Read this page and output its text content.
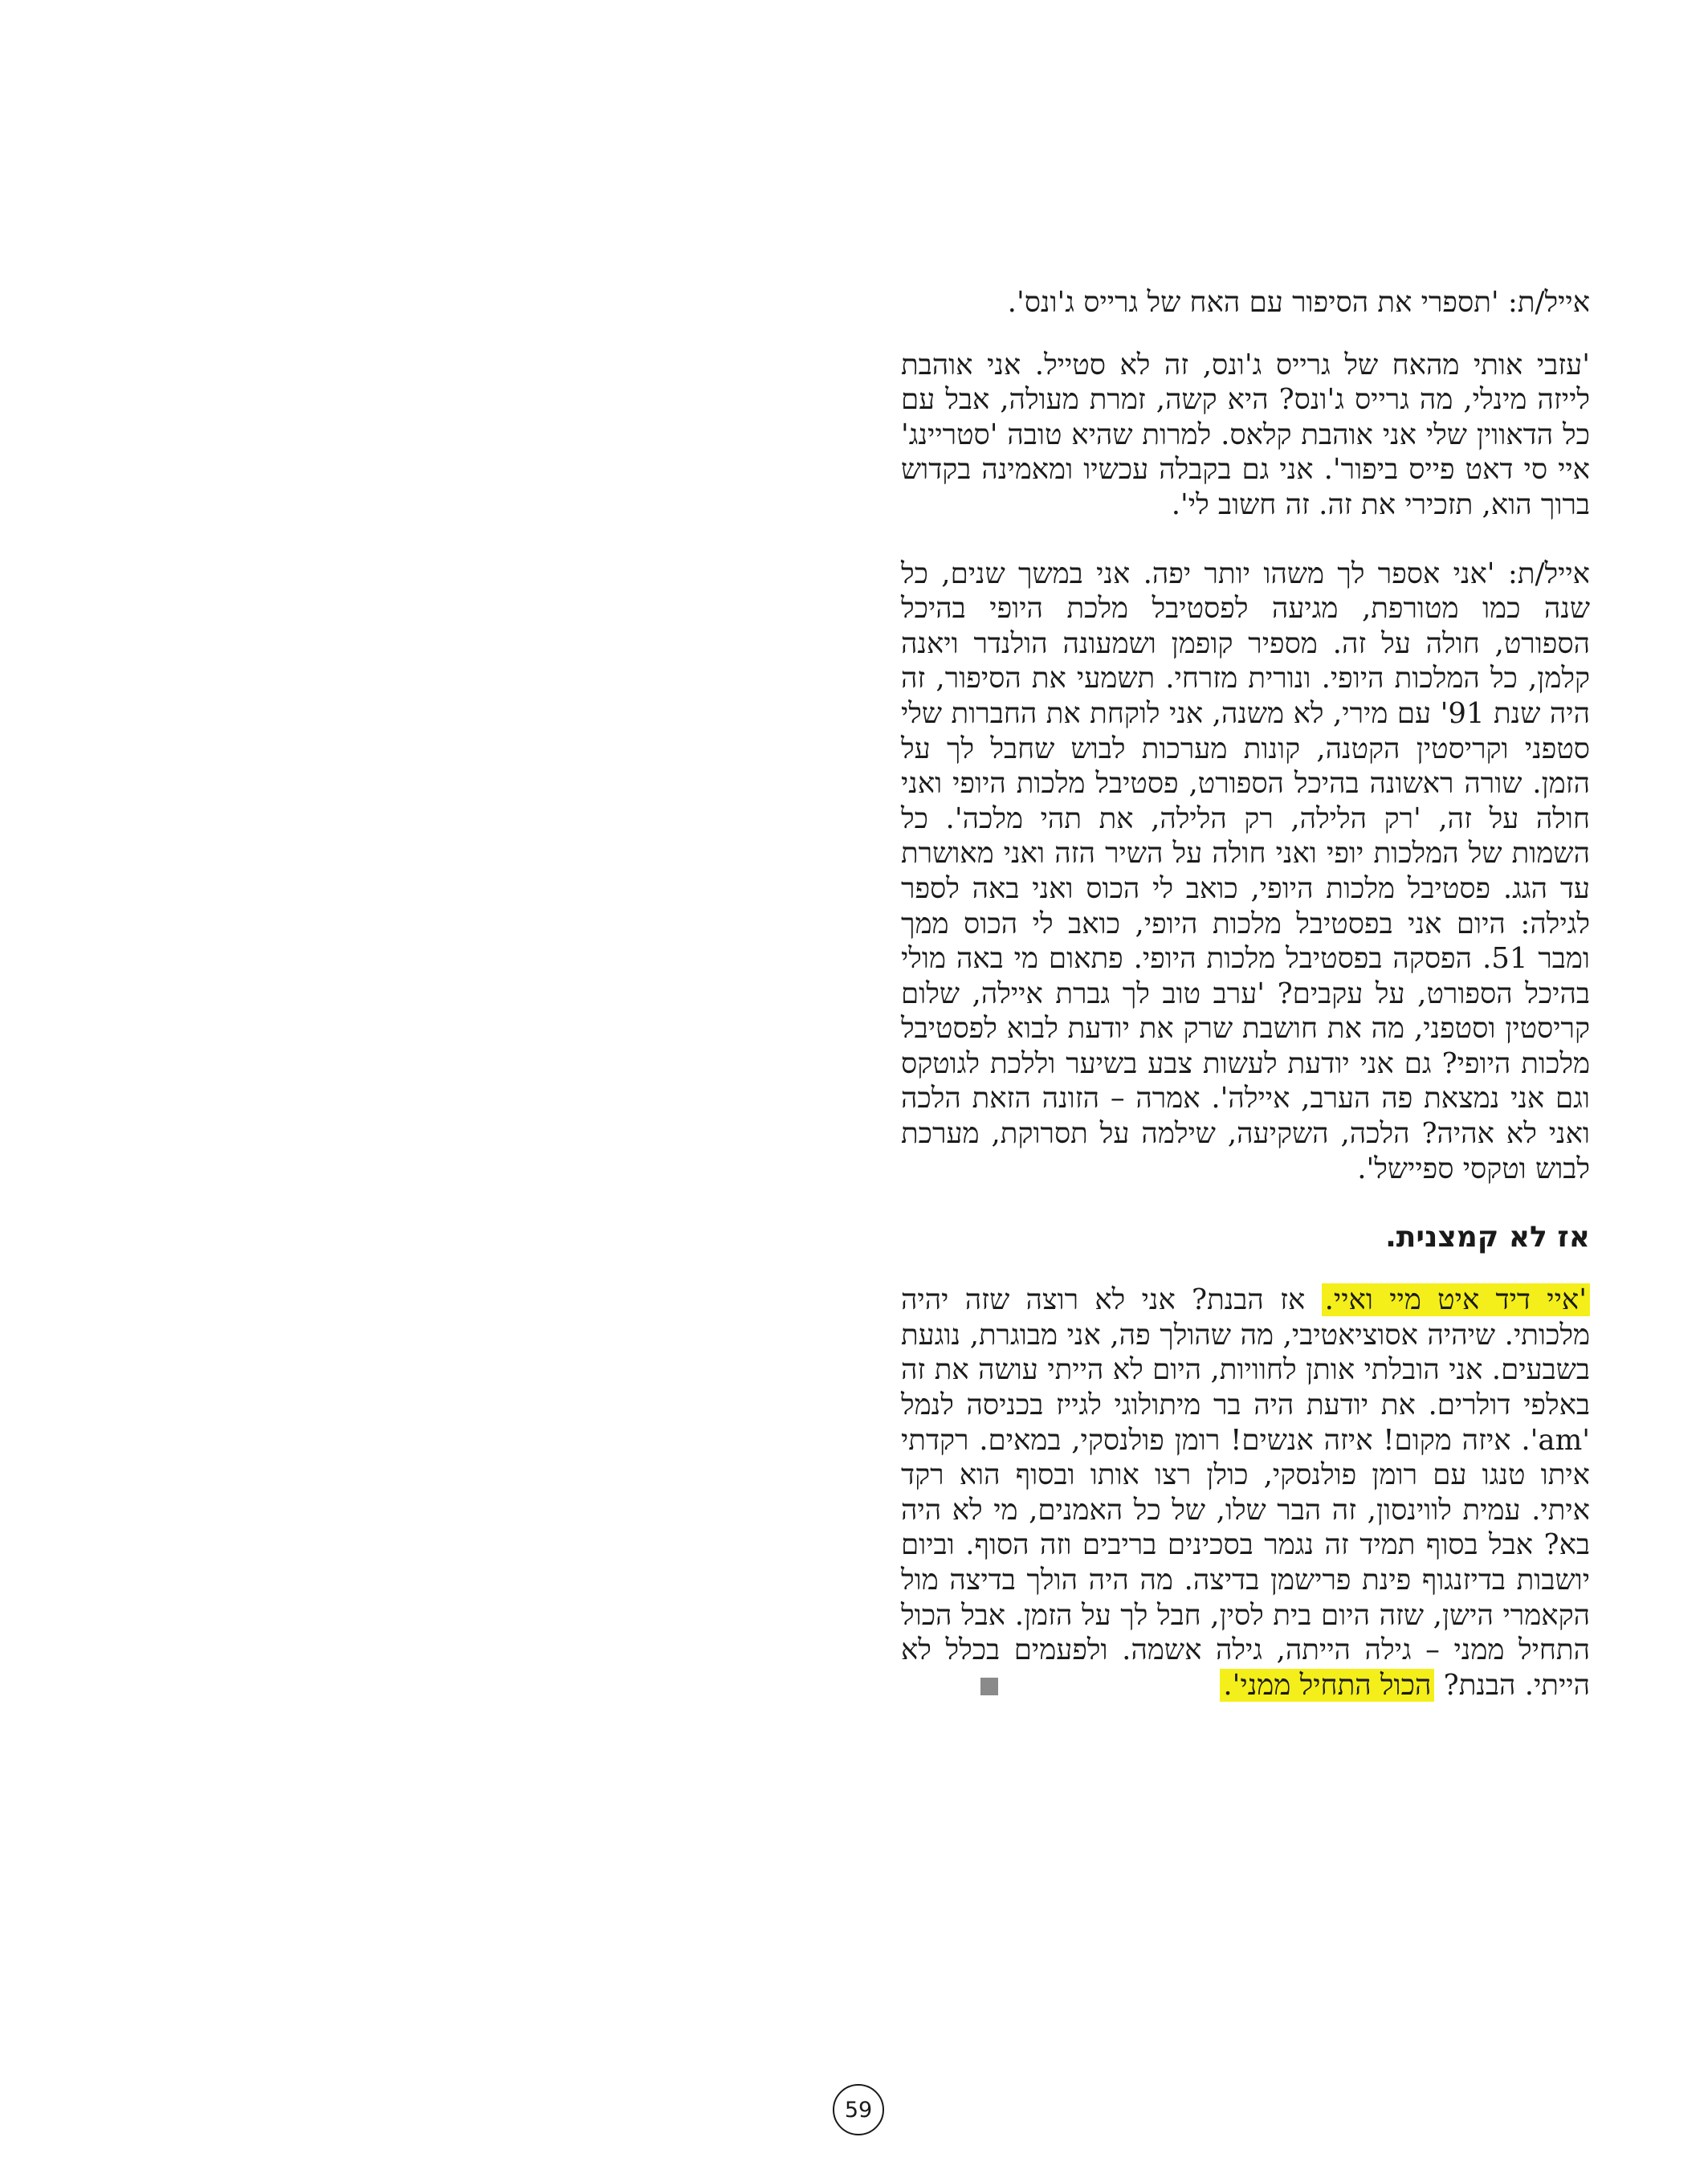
אייל/ת: 'תספרי את הסיפור עם האח של גרייס ג'ונס'.

'עזבי אותי מהאח של גרייס ג'ונס, זה לא סטייל. אני אוהבת לייזה מינלי, מה גרייס ג'ונס? היא קשה, זמרת מעולה, אבל עם כל הדאווין שלי אני אוהבת קלאס. למרות שהיא טובה 'סטריינג' איי סי דאט פייס ביפור'. אני גם בקבלה עכשיו ומאמינה בקדוש ברוך הוא, תזכירי את זה. זה חשוב לי'.

אייל/ת: 'אני אספר לך משהו יותר יפה. אני במשך שנים, כל שנה כמו מטורפת, מגיעה לפסטיבל מלכת היופי בהיכל הספורט, חולה על זה. מספיר קופמן ושמעונה הולנדר ויאנה קלמן, כל המלכות היופי. ונורית מזרחי. תשמעי את הסיפור, זה היה שנת 91' עם מירי, לא משנה, אני לוקחת את החברות שלי סטפני וקריסטין הקטנה, קונות מערכות לבוש שחבל לך על הזמן. שורה ראשונה בהיכל הספורט, פסטיבל מלכות היופי ואני חולה על זה, 'רק הלילה, רק הלילה, את תהי מלכה'. כל השמות של המלכות יופי ואני חולה על השיר הזה ואני מאושרת עד הגג. פסטיבל מלכות היופי, כואב לי הכוס ואני באה לספר לגילה: היום אני בפסטיבל מלכות היופי, כואב לי הכוס ממך ומבר 51. הפסקה בפסטיבל מלכות היופי. פתאום מי באה מולי בהיכל הספורט, על עקבים? 'ערב טוב לך גברת איילה, שלום קריסטין וסטפני, מה את חושבת שרק את יודעת לבוא לפסטיבל מלכות היופי? גם אני יודעת לעשות צבע בשיער וללכת לגוטקס וגם אני נמצאת פה הערב, איילה'. אמרה – הזונה הזאת הלכה ואני לא אהיה? הלכה, השקיעה, שילמה על תסרוקת, מערכת לבוש וטקסי ספיישל'.

אז לא קמצנית.

'איי דיד איט מיי ואיי. אז הבנת? אני לא רוצה שזה יהיה מלכותי. שיהיה אסוציאטיבי, מה שהולך פה, אני מבוגרת, נוגעת בשבעים. אני הובלתי אותן לחוויות, היום לא הייתי עושה את זה באלפי דולרים. את יודעת היה בר מיתולוגי לגייז בכניסה לנמל 'am'. איזה מקום! איזה אנשים! רומן פולנסקי, במאים. רקדתי איתו טנגו עם רומן פולנסקי, כולן רצו אותו ובסוף הוא רקד איתי. עמית לווינסון, זה הבר שלו, של כל האמנים, מי לא היה בא? אבל בסוף תמיד זה נגמר בסכינים בריבים וזה הסוף. וביום יושבות בדיזנגוף פינת פרישמן בדיצה. מה היה הולך בדיצה מול הקאמרי הישן, שזה היום בית לסין, חבל לך על הזמן. אבל הכול התחיל ממני – גילה הייתה, גילה אשמה. ולפעמים בכלל לא הייתי. הבנת? הכול התחיל ממני'.

59
